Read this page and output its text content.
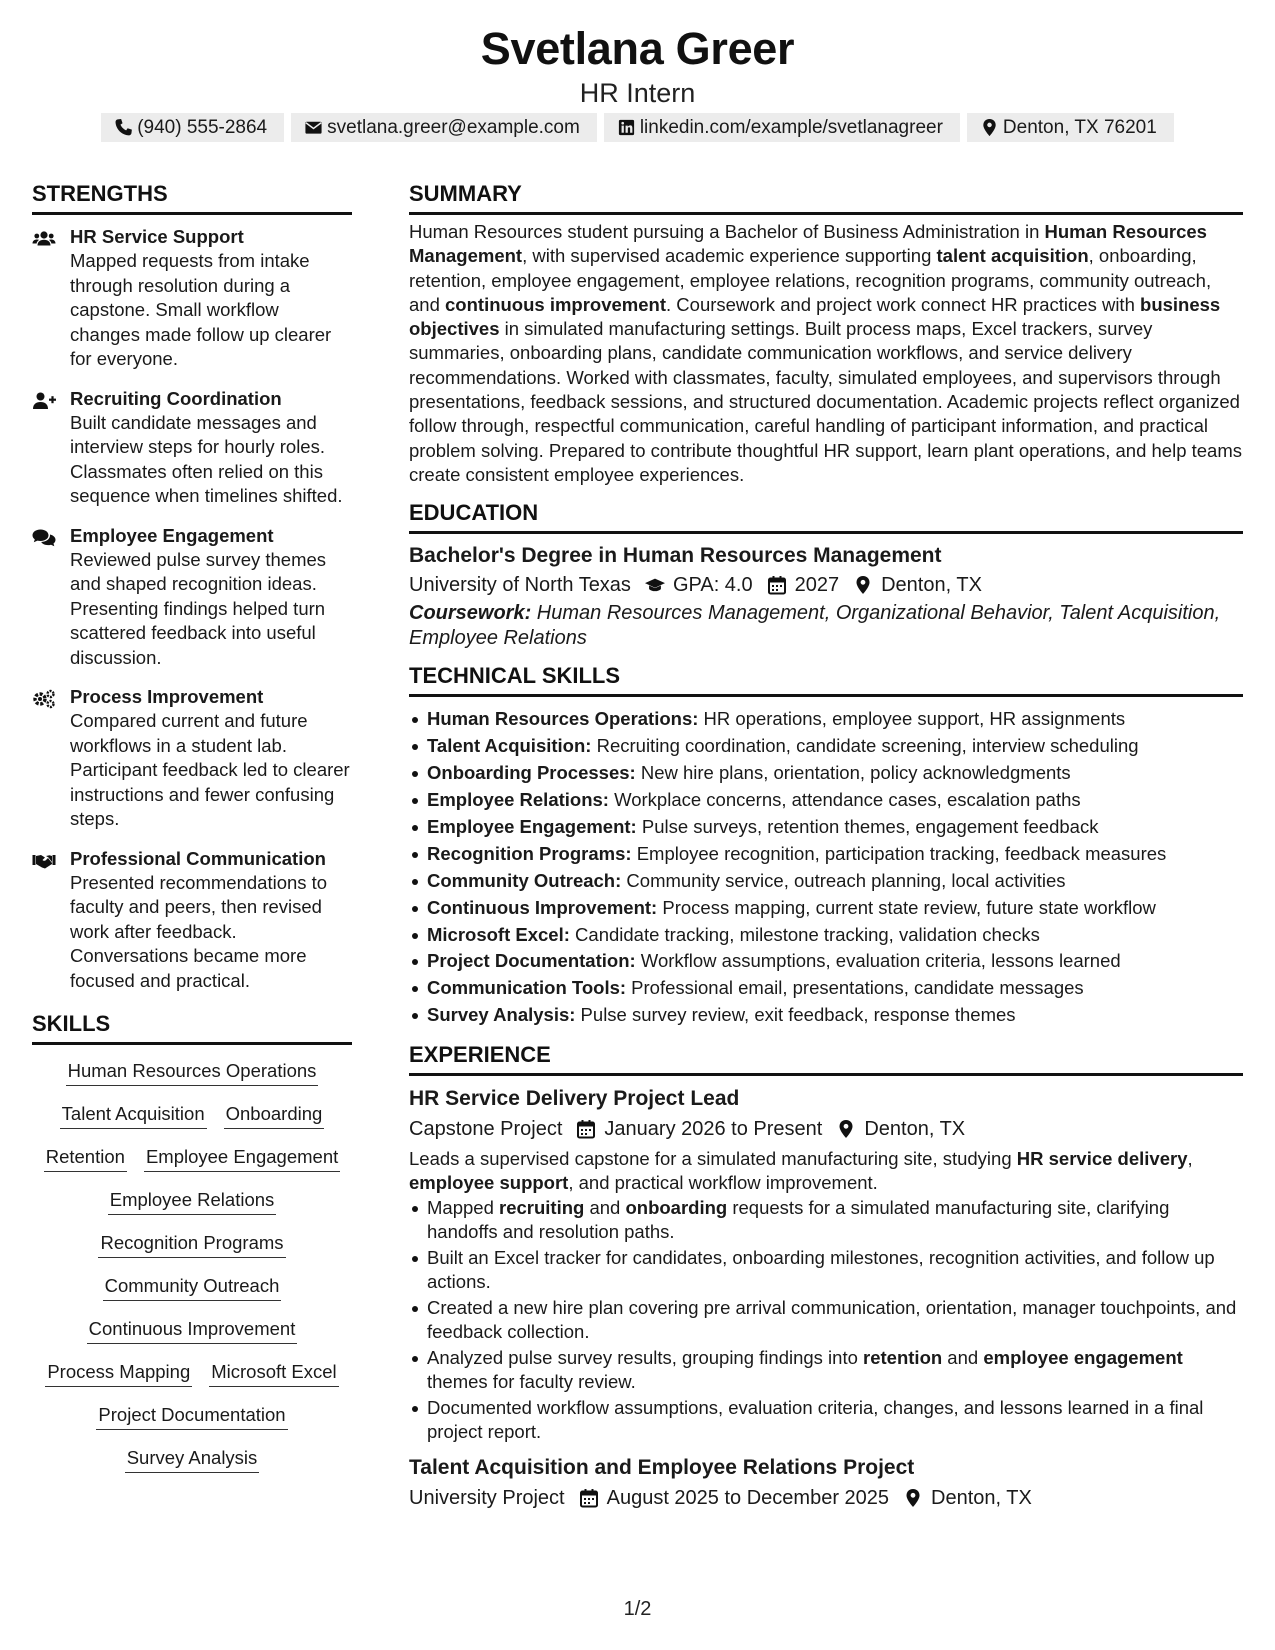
Svetlana Greer
HR Intern
(940) 555-2864	svetlana.greer@example.com	linkedin.com/example/svetlanagreer	Denton, TX 76201
STRENGTHS
HR Service Support
Mapped requests from intake through resolution during a capstone. Small workflow changes made follow up clearer for everyone.
Recruiting Coordination
Built candidate messages and interview steps for hourly roles. Classmates often relied on this sequence when timelines shifted.
Employee Engagement
Reviewed pulse survey themes and shaped recognition ideas. Presenting findings helped turn scattered feedback into useful discussion.
Process Improvement
Compared current and future workflows in a student lab. Participant feedback led to clearer instructions and fewer confusing steps.
Professional Communication
Presented recommendations to faculty and peers, then revised work after feedback. Conversations became more focused and practical.
SKILLS
Human Resources Operations
Talent Acquisition Onboarding
Retention Employee Engagement
Employee Relations
Recognition Programs
Community Outreach
Continuous Improvement
Process Mapping Microsoft Excel
Project Documentation
Survey Analysis
SUMMARY
Human Resources student pursuing a Bachelor of Business Administration in Human Resources Management, with supervised academic experience supporting talent acquisition, onboarding, retention, employee engagement, employee relations, recognition programs, community outreach, and continuous improvement. Coursework and project work connect HR practices with business objectives in simulated manufacturing settings. Built process maps, Excel trackers, survey summaries, onboarding plans, candidate communication workflows, and service delivery recommendations. Worked with classmates, faculty, simulated employees, and supervisors through presentations, feedback sessions, and structured documentation. Academic projects reflect organized follow through, respectful communication, careful handling of participant information, and practical problem solving. Prepared to contribute thoughtful HR support, learn plant operations, and help teams create consistent employee experiences.
EDUCATION
Bachelor's Degree in Human Resources Management
University of North Texas GPA: 4.0 2027 Denton, TX
Coursework: Human Resources Management, Organizational Behavior, Talent Acquisition, Employee Relations
TECHNICAL SKILLS
Human Resources Operations: HR operations, employee support, HR assignments
Talent Acquisition: Recruiting coordination, candidate screening, interview scheduling
Onboarding Processes: New hire plans, orientation, policy acknowledgments
Employee Relations: Workplace concerns, attendance cases, escalation paths
Employee Engagement: Pulse surveys, retention themes, engagement feedback
Recognition Programs: Employee recognition, participation tracking, feedback measures
Community Outreach: Community service, outreach planning, local activities
Continuous Improvement: Process mapping, current state review, future state workflow
Microsoft Excel: Candidate tracking, milestone tracking, validation checks
Project Documentation: Workflow assumptions, evaluation criteria, lessons learned
Communication Tools: Professional email, presentations, candidate messages
Survey Analysis: Pulse survey review, exit feedback, response themes
EXPERIENCE
HR Service Delivery Project Lead
Capstone Project January 2026 to Present Denton, TX
Leads a supervised capstone for a simulated manufacturing site, studying HR service delivery, employee support, and practical workflow improvement.
Mapped recruiting and onboarding requests for a simulated manufacturing site, clarifying handoffs and resolution paths.
Built an Excel tracker for candidates, onboarding milestones, recognition activities, and follow up actions.
Created a new hire plan covering pre arrival communication, orientation, manager touchpoints, and feedback collection.
Analyzed pulse survey results, grouping findings into retention and employee engagement themes for faculty review.
Documented workflow assumptions, evaluation criteria, changes, and lessons learned in a final project report.
Talent Acquisition and Employee Relations Project
University Project August 2025 to December 2025 Denton, TX
1/2
